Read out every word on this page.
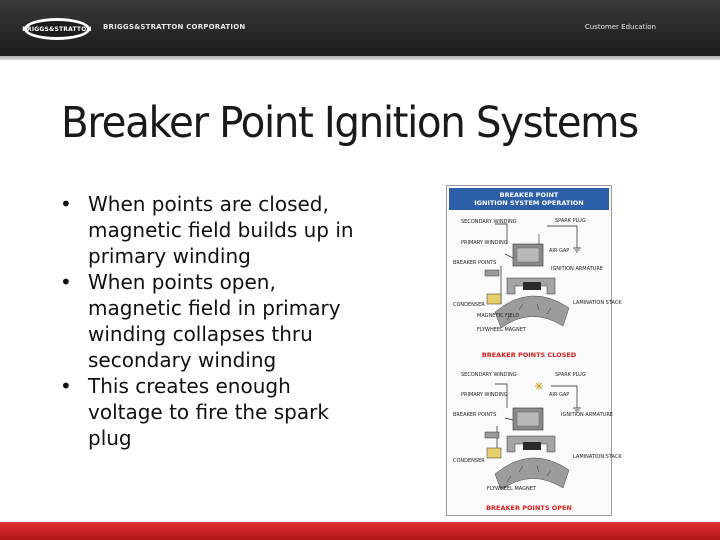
BRIGGS&STRATTON BRIGGS&STRATTON CORPORATION	Customer Education
Breaker Point Ignition Systems
• When points are closed, magnetic field builds up in primary winding
• When points open, magnetic field in primary winding collapses thru secondary winding
• This creates enough voltage to fire the spark plug
BREAKER POINT
IGNITION SYSTEM OPERATION
SECONDARY WINDING	SPARK PLUG
PRIMARY WINDING
AIR GAP
BREAKER POINTS
IGNITION ARMATURE
CONDENSER	LAMINATION STACK
MAGNETIC FIELD
FLYWHEEL MAGNET
BREAKER POINTS CLOSED
SECONDARY WINDING	SPARK PLUG
PRIMARY WINDING	AIR GAP
BREAKER POINTS	IGNITION ARMATURE
CONDENSER
LAMINATION STACK
FLYWHEEL MAGNET
BREAKER POINTS OPEN
